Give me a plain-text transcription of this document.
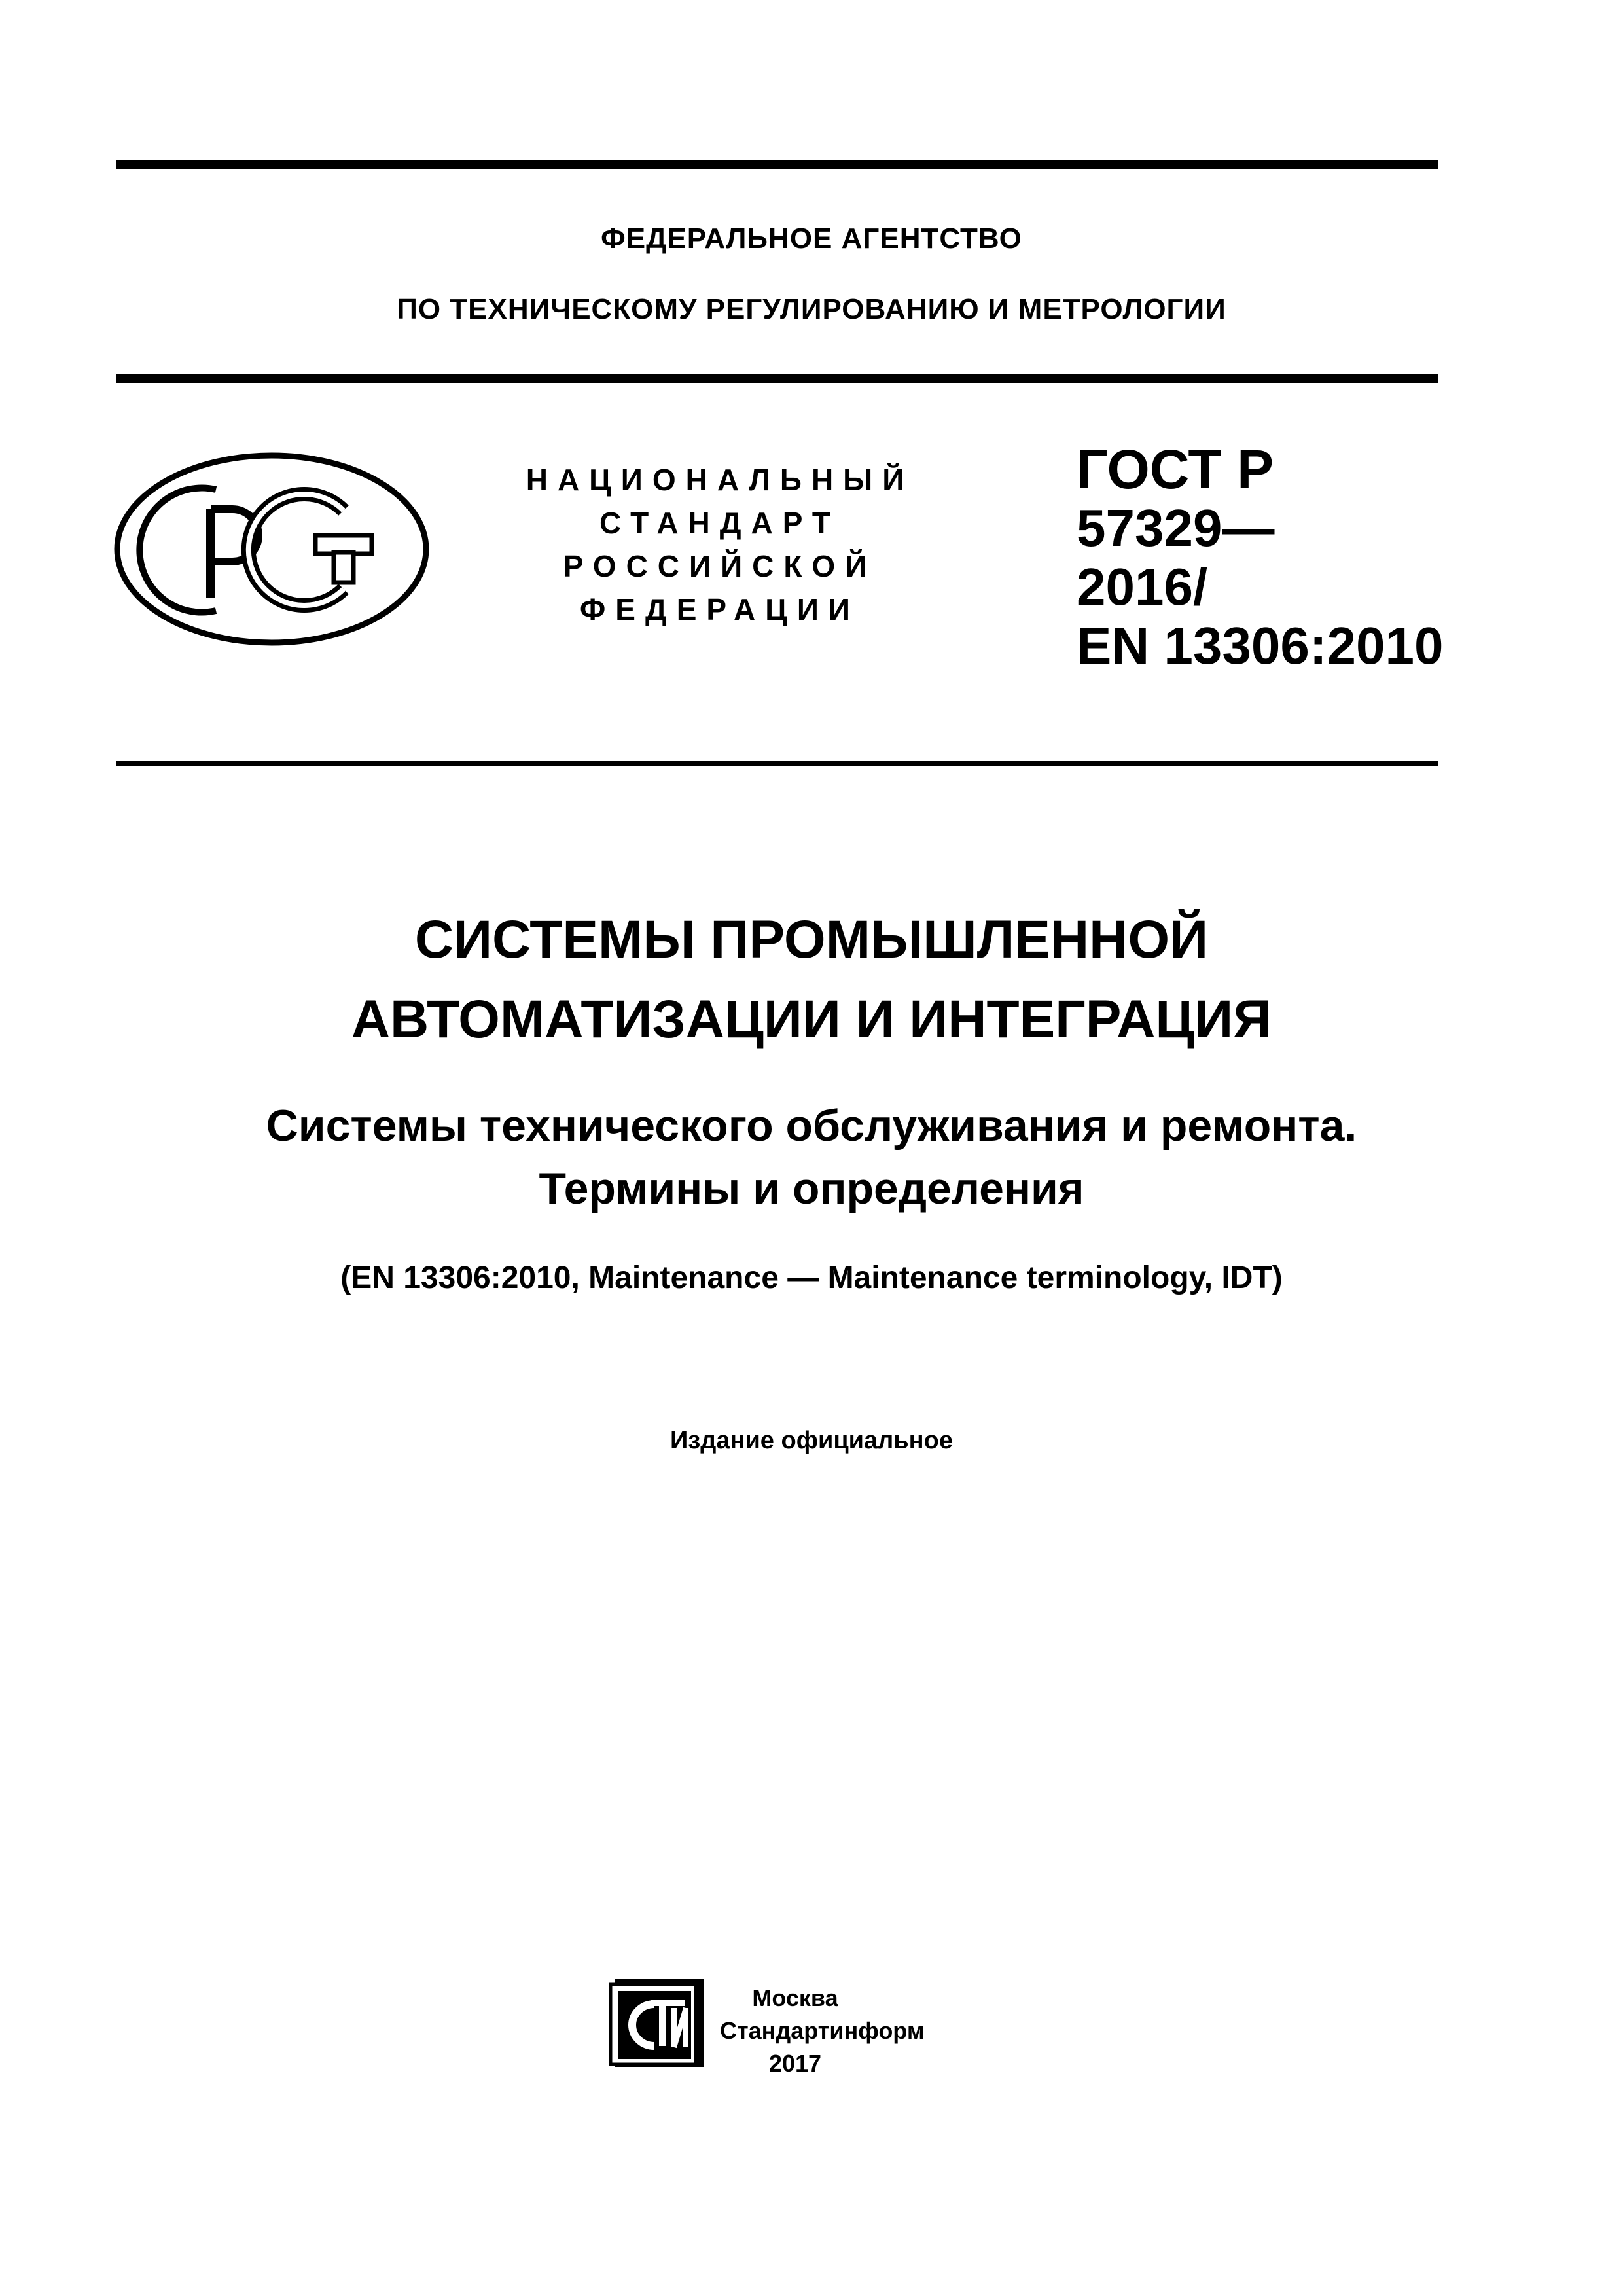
ФЕДЕРАЛЬНОЕ АГЕНТСТВО
ПО ТЕХНИЧЕСКОМУ РЕГУЛИРОВАНИЮ И МЕТРОЛОГИИ
НАЦИОНАЛЬНЫЙ
СТАНДАРТ
РОССИЙСКОЙ
ФЕДЕРАЦИИ
ГОСТ Р
57329—
2016/
EN 13306:2010
СИСТЕМЫ ПРОМЫШЛЕННОЙ
АВТОМАТИЗАЦИИ И ИНТЕГРАЦИЯ
Системы технического обслуживания и ремонта.
Термины и определения
(EN 13306:2010, Maintenance — Maintenance terminology, IDT)
Издание официальное
Москва
Стандартинформ
2017
